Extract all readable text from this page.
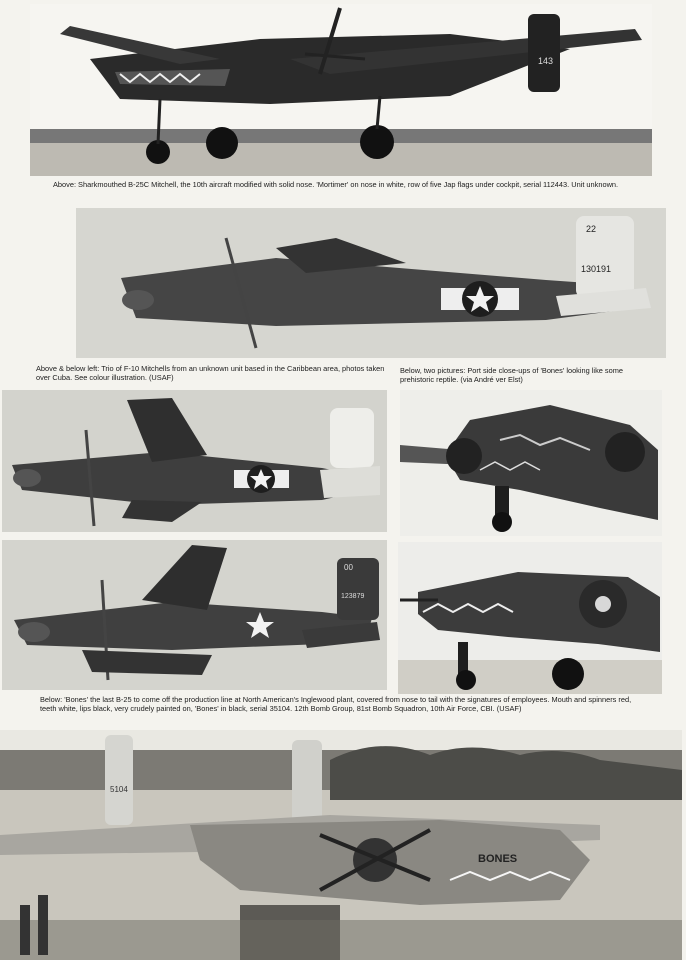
143
Above: Sharkmouthed B-25C Mitchell, the 10th aircraft modified with solid nose. 'Mortimer' on nose in white, row of five Jap flags under cockpit, serial 112443. Unit unknown.
22
130191
Above & below left: Trio of F-10 Mitchells from an unknown unit based in the Caribbean area, photos taken over Cuba. See colour illustration. (USAF)
Below, two pictures: Port side close-ups of 'Bones' looking like some prehistoric reptile. (via André ver Elst)
00
123879
Below: 'Bones' the last B-25 to come off the production line at North American's Inglewood plant, covered from nose to tail with the signatures of employees. Mouth and spinners red, teeth white, lips black, very crudely painted on, 'Bones' in black, serial 35104. 12th Bomb Group, 81st Bomb Squadron, 10th Air Force, CBI. (USAF)
5104
BONES
